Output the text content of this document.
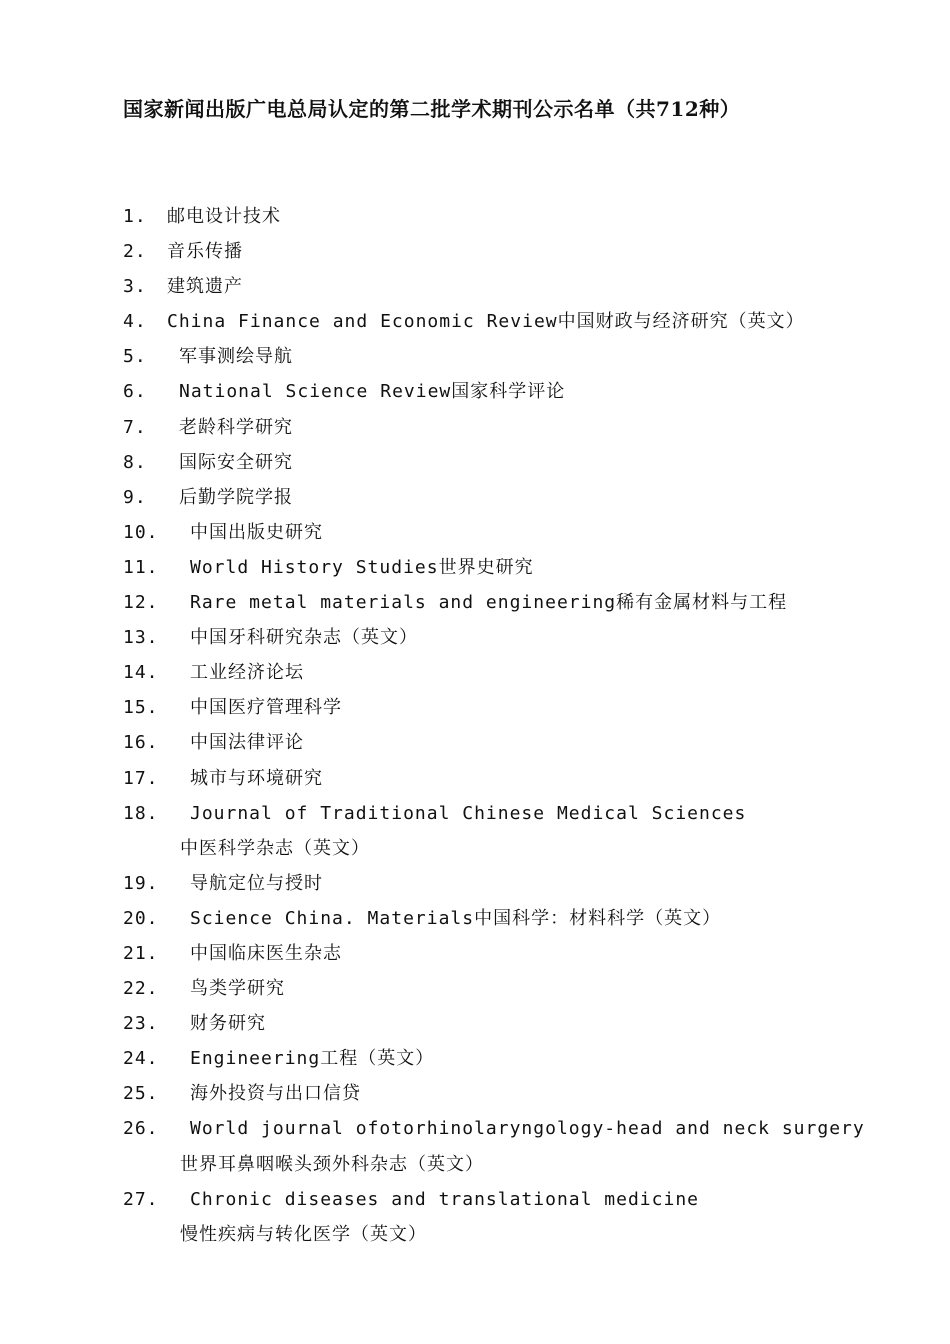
国家新闻出版广电总局认定的第二批学术期刊公示名单（共712种）
1.	邮电设计技术
2.	音乐传播
3.	建筑遗产
4.	China Finance and Economic Review中国财政与经济研究（英文）
5.	军事测绘导航
6.	National Science Review国家科学评论
7.	老龄科学研究
8.	国际安全研究
9.	后勤学院学报
10.	中国出版史研究
11.	World History Studies世界史研究
12.	Rare metal materials and engineering稀有金属材料与工程
13.	中国牙科研究杂志（英文）
14.	工业经济论坛
15.	中国医疗管理科学
16.	中国法律评论
17.	城市与环境研究
18.	Journal of Traditional Chinese Medical Sciences
中医科学杂志（英文）
19.	导航定位与授时
20.	Science China. Materials中国科学：材料科学（英文）
21.	中国临床医生杂志
22.	鸟类学研究
23.	财务研究
24.	Engineering工程（英文）
25.	海外投资与出口信贷
26.	World journal ofotorhinolaryngology-head and neck surgery
世界耳鼻咽喉头颈外科杂志（英文）
27.	Chronic diseases and translational medicine
慢性疾病与转化医学（英文）
